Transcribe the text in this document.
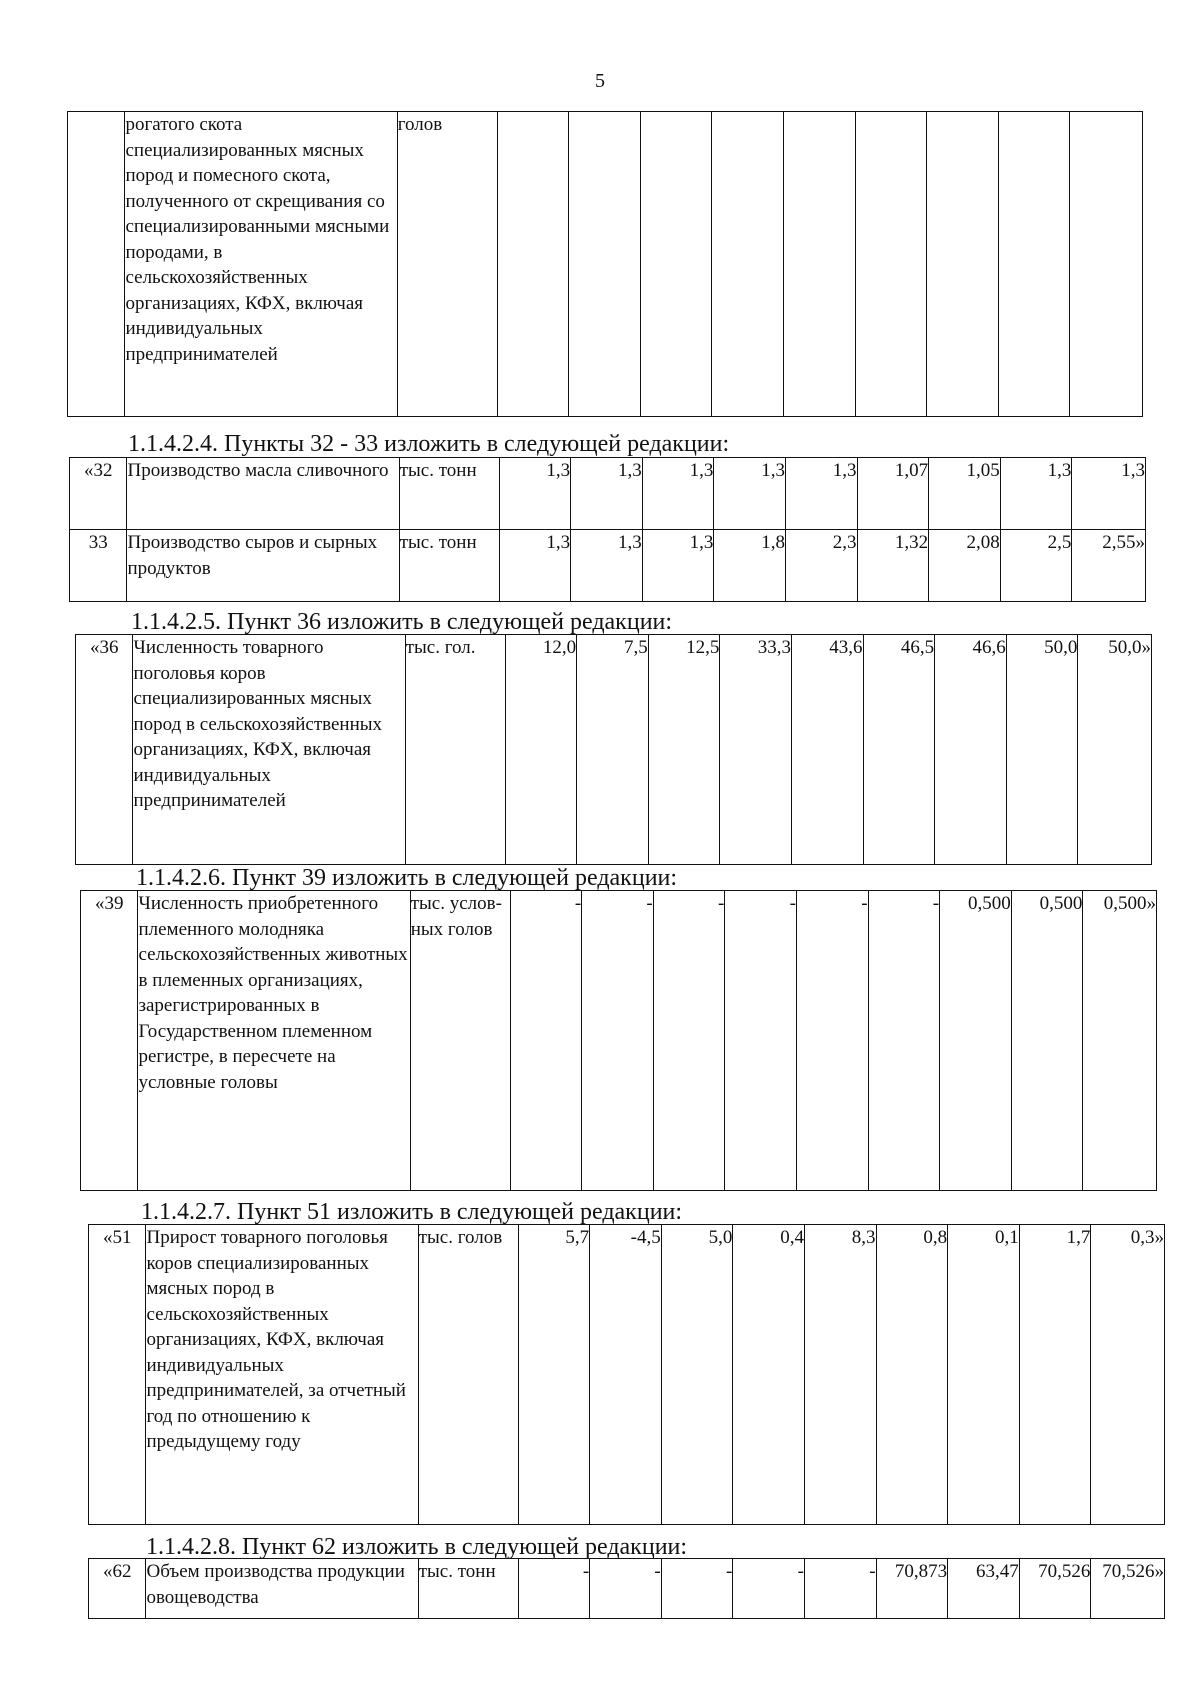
5
	рогатого скота специализированных мясных пород и помесного скота, полученного от скрещивания со специализированными мясными породами, в сельскохозяйственных организациях, КФХ, включая индивидуальных предпринимателей	голов									
1.1.4.2.4. Пункты 32 - 33 изложить в следующей редакции:
«32	Производство масла сливочного	тыс. тонн	1,3	1,3	1,3	1,3	1,3	1,07	1,05	1,3	1,3
33	Производство сыров и сырных продуктов	тыс. тонн	1,3	1,3	1,3	1,8	2,3	1,32	2,08	2,5	2,55»
1.1.4.2.5. Пункт 36 изложить в следующей редакции:
«36	Численность товарного поголовья коров специализированных мясных пород в сельскохозяйственных организациях, КФХ, включая индивидуальных предпринимателей	тыс. гол.	12,0	7,5	12,5	33,3	43,6	46,5	46,6	50,0	50,0»
1.1.4.2.6. Пункт 39 изложить в следующей редакции:
«39	Численность приобретенного племенного молодняка сельскохозяйственных животных в племенных организациях, зарегистрированных в Государственном племенном регистре, в пересчете на условные головы	тыс. услов-ных голов	-	-	-	-	-	-	0,500	0,500	0,500»
1.1.4.2.7. Пункт 51 изложить в следующей редакции:
«51	Прирост товарного поголовья коров специализированных мясных пород в сельскохозяйственных организациях, КФХ, включая индивидуальных предпринимателей, за отчетный год по отношению к предыдущему году	тыс. голов	5,7	-4,5	5,0	0,4	8,3	0,8	0,1	1,7	0,3»
1.1.4.2.8. Пункт 62 изложить в следующей редакции:
«62	Объем производства продукции овощеводства	тыс. тонн	-	-	-	-	-	70,873	63,47	70,526	70,526»
